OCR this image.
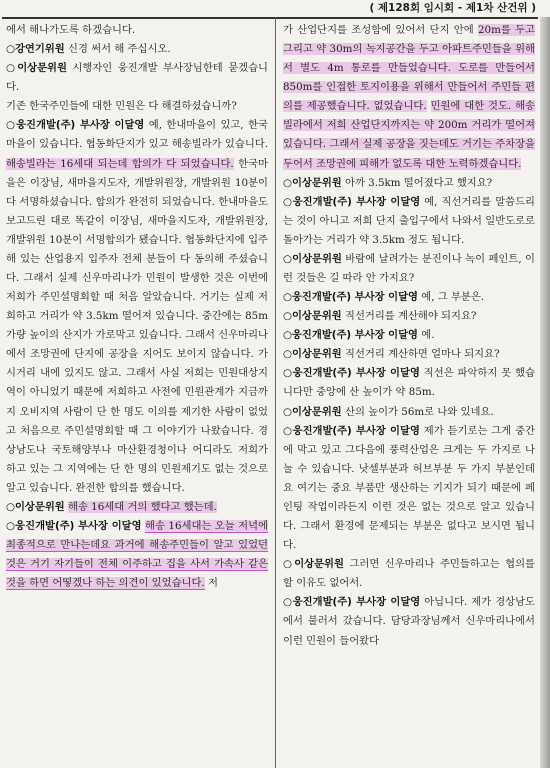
( 제128회 임시회 - 제1차 산건위 )

에서 해나가도록 하겠습니다.

○강연기위원 신경 써서 해 주십시오.

○이상문위원 시행자인 웅진개발 부사장님한테 묻겠습니다.

기존 한국주민들에 대한 민원은 다 해결하셨습니까?

○웅진개발(주) 부사장 이달영 예, 한내마을이 있고, 한국마을이 있습니다. 협동화단지가 있고 해송빌라가 있습니다. 해송빌라는 16세대 되는데 합의가 다 되었습니다. 한국마을은 이장님, 새마을지도자, 개발위원장, 개발위원 10분이 다 서명하셨습니다. 합의가 완전히 되었습니다. 한내마을도 보고드린 대로 똑같이 이장님, 새마을지도자, 개발위원장, 개발위원 10분이 서명합의가 됐습니다. 협동화단지에 입주해 있는 산업용지 입주자 전체 분들이 다 동의해 주셨습니다. 그래서 실제 신우마리나가 민원이 발생한 것은 이번에 저희가 주민설명회할 때 처음 알았습니다. 거기는 실제 저희하고 거리가 약 3.5km 떨어져 있습니다. 중간에는 85m 가량 높이의 산지가 가로막고 있습니다. 그래서 신우마리나에서 조망권에 단지에 공장을 지어도 보이지 않습니다. 가시거리 내에 있지도 않고. 그래서 사실 저희는 민원대상지역이 아니었기 때문에 저희하고 사전에 민원관계가 지금까지 오비지역 사람이 단 한 명도 이의를 제기한 사람이 없었고 처음으로 주민설명회할 때 그 이야기가 나왔습니다. 경상남도나 국토해양부나 마산환경청이나 어디라도 저희가 하고 있는 그 지역에는 단 한 명의 민원제기도 없는 것으로 알고 있습니다. 완전한 합의를 했습니다.

○이상문위원 해송 16세대 거의 했다고 했는데.

○웅진개발(주) 부사장 이달영 해송 16세대는 오늘 저녁에 최종적으로 만나는데요 과거에 해송주민들이 알고 있었던 것은 거기 자기들이 전체 이주하고 집을 사서 가속사 같은 것을 하면 어떻겠나 하는 의견이 있었습니다. 저

가 산업단지를 조성함에 있어서 단지 안에 20m를 두고 그리고 약 30m의 녹지공간을 두고 아파트주민들을 위해서 별도 4m 통로를 만들었습니다. 도로를 만들어서 850m를 인접한 토지이용을 위해서 만들어서 주민들 편의를 제공했습니다. 없었습니다. 민원에 대한 것도. 해송빌라에서 저희 산업단지까지는 약 200m 거리가 떨어져 있습니다. 그래서 실제 공장을 짓는데도 거기는 주차장을 두어서 조망권에 피해가 없도록 대한 노력하겠습니다.

○이상문위원 아까 3.5km 떨어졌다고 했지요?

○웅진개발(주) 부사장 이달영 예, 직선거리를 말씀드리는 것이 아니고 저희 단지 출입구에서 나와서 일반도로로 돌아가는 거리가 약 3.5km 정도 됩니다.

○이상문위원 바람에 날려가는 분진이나 녹이 페인트, 이런 것들은 길 따라 안 가지요?

○웅진개발(주) 부사장 이달영 예, 그 부분은.

○이상문위원 직선거리를 계산해야 되지요?

○웅진개발(주) 부사장 이달영 예.

○이상문위원 직선거리 계산하면 얼마나 되지요?

○웅진개발(주) 부사장 이달영 직선은 파악하지 못 했습니다만 중앙에 산 높이가 약 85m.

○이상문위원 산의 높이가 56m로 나와 있네요.

○웅진개발(주) 부사장 이달영 제가 듣기로는 그게 중간에 막고 있고 그다음에 풍력산업은 크게는 두 가지로 나눌 수 있습니다. 낫셀부분과 허브부분 두 가지 부분인데요 여기는 중요 부품만 생산하는 기지가 되기 때문에 페인팅 작업이라든지 이런 것은 없는 것으로 알고 있습니다. 그래서 환경에 문제되는 부분은 없다고 보시면 됩니다.

○이상문위원 그러면 신우마리나 주민들하고는 협의를 할 이유도 없어서.

○웅진개발(주) 부사장 이달영 아닙니다. 제가 경상남도에서 불러서 갔습니다. 담당과장님께서 신우마리나에서 이런 민원이 들어왔다
